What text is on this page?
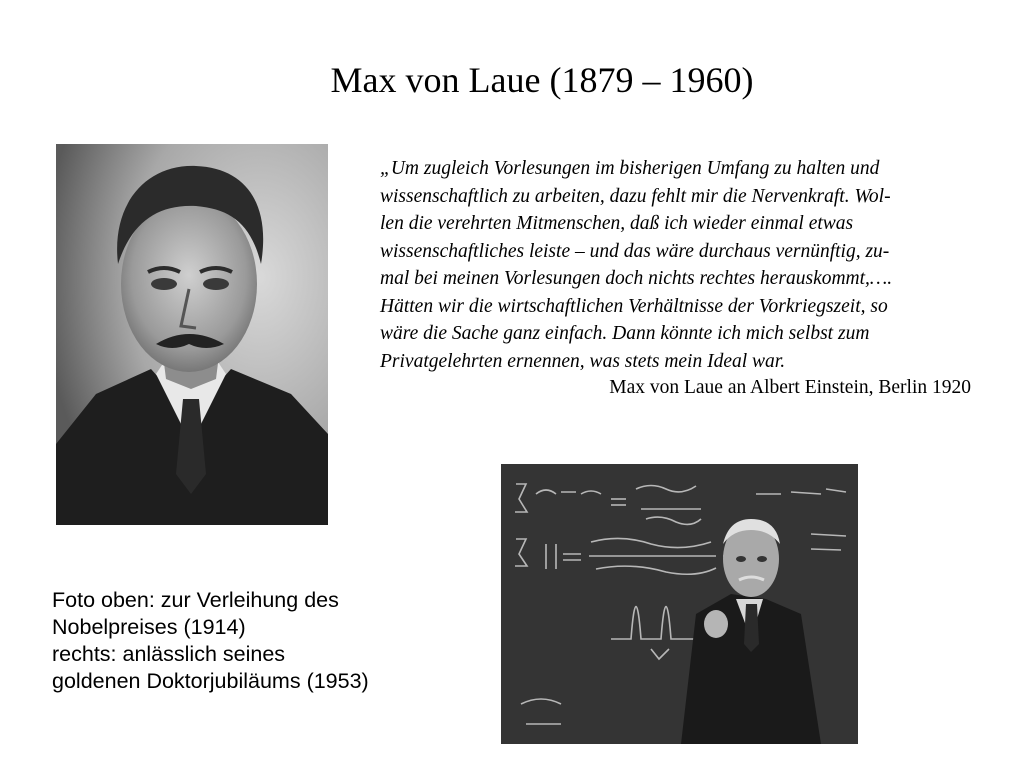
Max von Laue (1879 – 1960)
„Um zugleich Vorlesungen im bisherigen Umfang zu halten und
wissenschaftlich zu arbeiten, dazu fehlt mir die Nervenkraft. Wol-
len die verehrten Mitmenschen, daß ich wieder einmal etwas
wissenschaftliches leiste – und das wäre durchaus vernünftig, zu-
mal bei meinen Vorlesungen doch nichts rechtes herauskommt,….
Hätten wir die wirtschaftlichen Verhältnisse der Vorkriegszeit, so
wäre die Sache ganz einfach. Dann könnte ich mich selbst zum
Privatgelehrten ernennen, was stets mein Ideal war.
Max von Laue an Albert Einstein, Berlin 1920
Foto oben: zur Verleihung des
Nobelpreises (1914)
rechts: anlässlich seines
goldenen Doktorjubiläums (1953)
